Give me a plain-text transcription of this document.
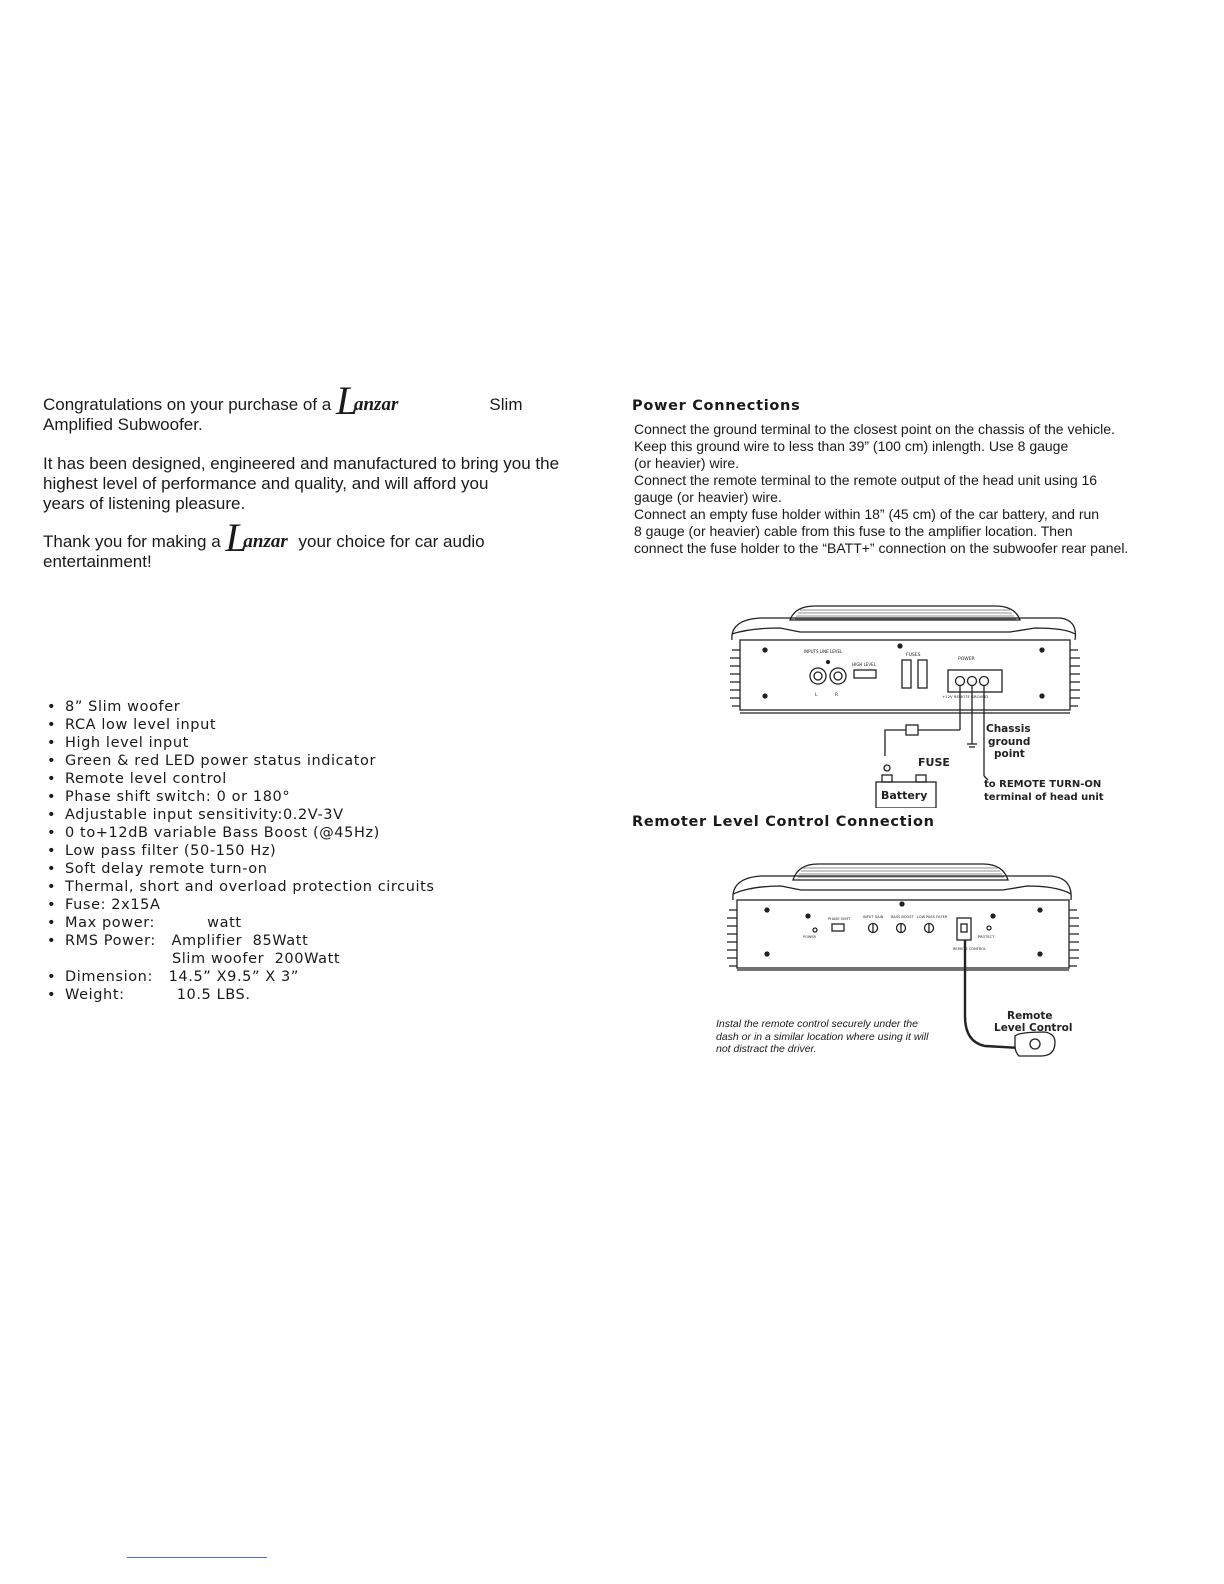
Congratulations on your purchase of a L
anzar	Slim
Amplified Subwoofer.
It has been designed, engineered and manufactured to bring you the
highest level of performance and quality, and will afford you
years of listening pleasure.
Thank you for making a L
anzar your choice for car audio
entertainment!
• 8” Slim woofer
• RCA low level input
• High level input
• Green & red LED power status indicator
• Remote level control
• Phase shift switch: 0 or 180°
• Adjustable input sensitivity:0.2V-3V
• 0 to+12dB variable Bass Boost (@45Hz)
• Low pass filter (50-150 Hz)
• Soft delay remote turn-on
• Thermal, short and overload protection circuits
• Fuse: 2x15A
• Max power:          watt
• RMS Power:   Amplifier  85Watt
Slim woofer  200Watt
• Dimension:   14.5” X9.5” X 3”
• Weight:          10.5 LBS.
Power Connections
Connect the ground terminal to the closest point on the chassis of the vehicle.
Keep this ground wire to less than 39” (100 cm) inlength. Use 8 gauge
(or heavier) wire.
Connect the remote terminal to the remote output of the head unit using 16
gauge (or heavier) wire.
Connect an empty fuse holder within 18” (45 cm) of the car battery, and run
8 gauge (or heavier) cable from this fuse to the amplifier location. Then
connect the fuse holder to the “BATT+” connection on the subwoofer rear panel.
INPUTS LINE LEVEL
HIGH LEVEL
FUSES
POWER
+12V REMOTE GROUND
L	R
FUSE
Battery
Chassis
ground
point
to REMOTE TURN-ON
terminal of head unit
Remoter Level Control Connection
POWER
PHASE SHIFT	INPUT GAIN BASS BOOST LOW PASS FILTER
REMOTE CONTROL
PROTECT
Remote
Level Control
Instal the remote control securely under the
dash or in a similar location where using it will
not distract the driver.
